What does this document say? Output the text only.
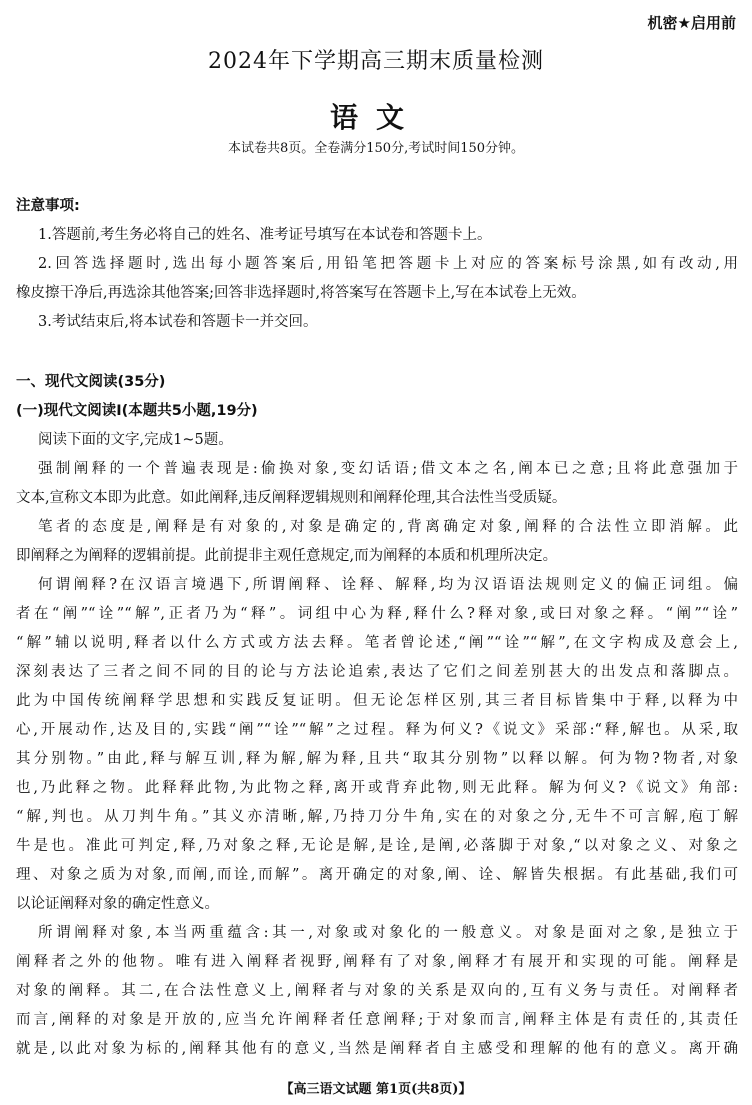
机密★启用前
2024年下学期高三期末质量检测
语文
本试卷共8页。全卷满分150分,考试时间150分钟。
注意事项:
1.答题前,考生务必将自己的姓名、准考证号填写在本试卷和答题卡上。
2.回答选择题时,选出每小题答案后,用铅笔把答题卡上对应的答案标号涂黑,如有改动,用
橡皮擦干净后,再选涂其他答案;回答非选择题时,将答案写在答题卡上,写在本试卷上无效。
3.考试结束后,将本试卷和答题卡一并交回。
一、现代文阅读(35分)
(一)现代文阅读I(本题共5小题,19分)
阅读下面的文字,完成1~5题。
强制阐释的一个普遍表现是:偷换对象,变幻话语;借文本之名,阐本已之意;且将此意强加于
文本,宣称文本即为此意。如此阐释,违反阐释逻辑规则和阐释伦理,其合法性当受质疑。
笔者的态度是,阐释是有对象的,对象是确定的,背离确定对象,阐释的合法性立即消解。此
即阐释之为阐释的逻辑前提。此前提非主观任意规定,而为阐释的本质和机理所决定。
何谓阐释?在汉语言境遇下,所谓阐释、诠释、解释,均为汉语语法规则定义的偏正词组。偏
者在“阐”“诠”“解”,正者乃为“释”。词组中心为释,释什么?释对象,或曰对象之释。“阐”“诠”
“解”辅以说明,释者以什么方式或方法去释。笔者曾论述,“阐”“诠”“解”,在文字构成及意会上,
深刻表达了三者之间不同的目的论与方法论追索,表达了它们之间差别甚大的出发点和落脚点。
此为中国传统阐释学思想和实践反复证明。但无论怎样区别,其三者目标皆集中于释,以释为中
心,开展动作,达及目的,实践“阐”“诠”“解”之过程。释为何义?《说文》采部:“释,解也。从采,取
其分别物。”由此,释与解互训,释为解,解为释,且共“取其分别物”以释以解。何为物?物者,对象
也,乃此释之物。此释释此物,为此物之释,离开或背弃此物,则无此释。解为何义?《说文》角部:
“解,判也。从刀判牛角。”其义亦清晰,解,乃持刀分牛角,实在的对象之分,无牛不可言解,庖丁解
牛是也。准此可判定,释,乃对象之释,无论是解,是诠,是阐,必落脚于对象,“以对象之义、对象之
理、对象之质为对象,而阐,而诠,而解”。离开确定的对象,阐、诠、解皆失根据。有此基础,我们可
以论证阐释对象的确定性意义。
所谓阐释对象,本当两重蕴含:其一,对象或对象化的一般意义。对象是面对之象,是独立于
阐释者之外的他物。唯有进入阐释者视野,阐释有了对象,阐释才有展开和实现的可能。阐释是
对象的阐释。其二,在合法性意义上,阐释者与对象的关系是双向的,互有义务与责任。对阐释者
而言,阐释的对象是开放的,应当允许阐释者任意阐释;于对象而言,阐释主体是有责任的,其责任
就是,以此对象为标的,阐释其他有的意义,当然是阐释者自主感受和理解的他有的意义。离开确
【高三语文试题 第1页(共8页)】
